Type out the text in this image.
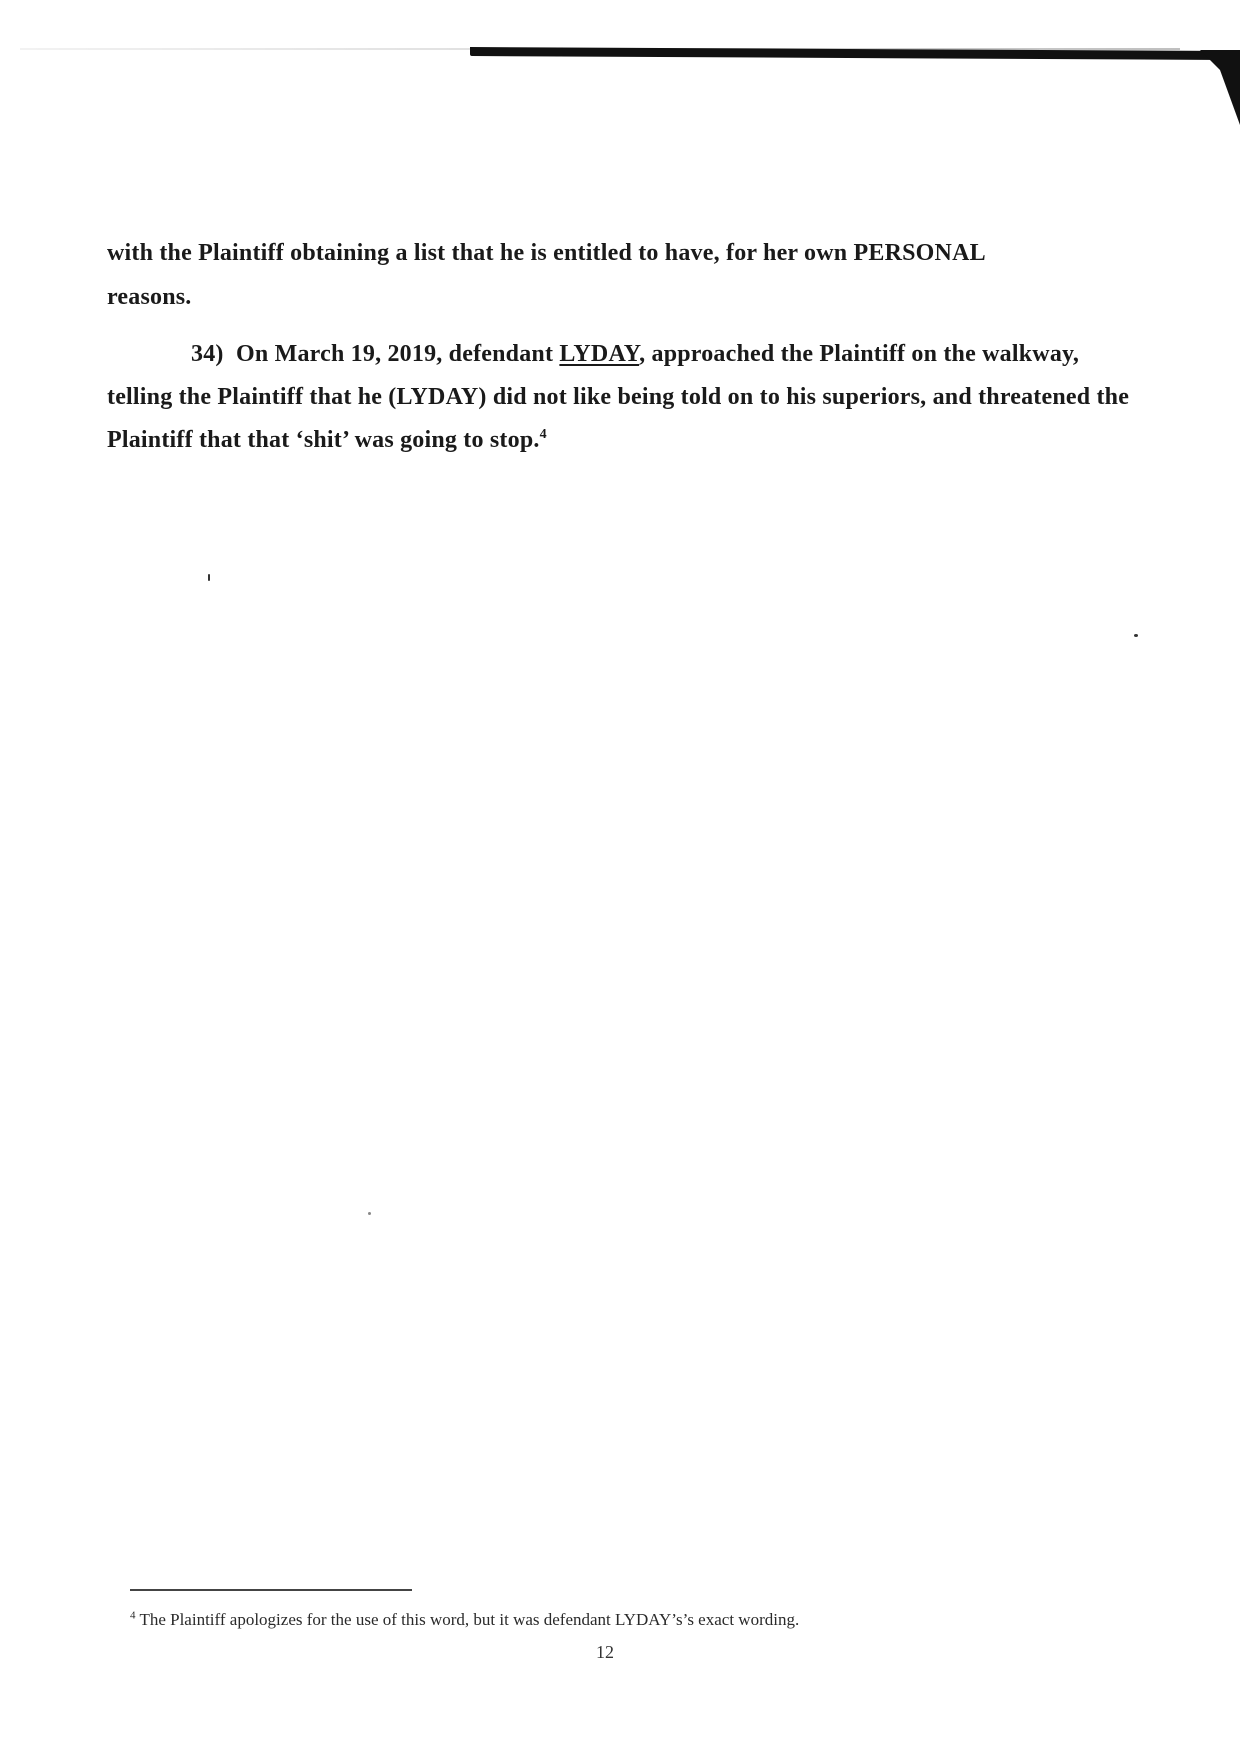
with the Plaintiff obtaining a list that he is entitled to have, for her own PERSONAL

reasons.

34) On March 19, 2019, defendant LYDAY, approached the Plaintiff on the walkway, telling the Plaintiff that he (LYDAY) did not like being told on to his superiors, and threatened the Plaintiff that that ‘shit’ was going to stop.$^4$

$^4$ The Plaintiff apologizes for the use of this word, but it was defendant LYDAY’s’s exact wording.
12
